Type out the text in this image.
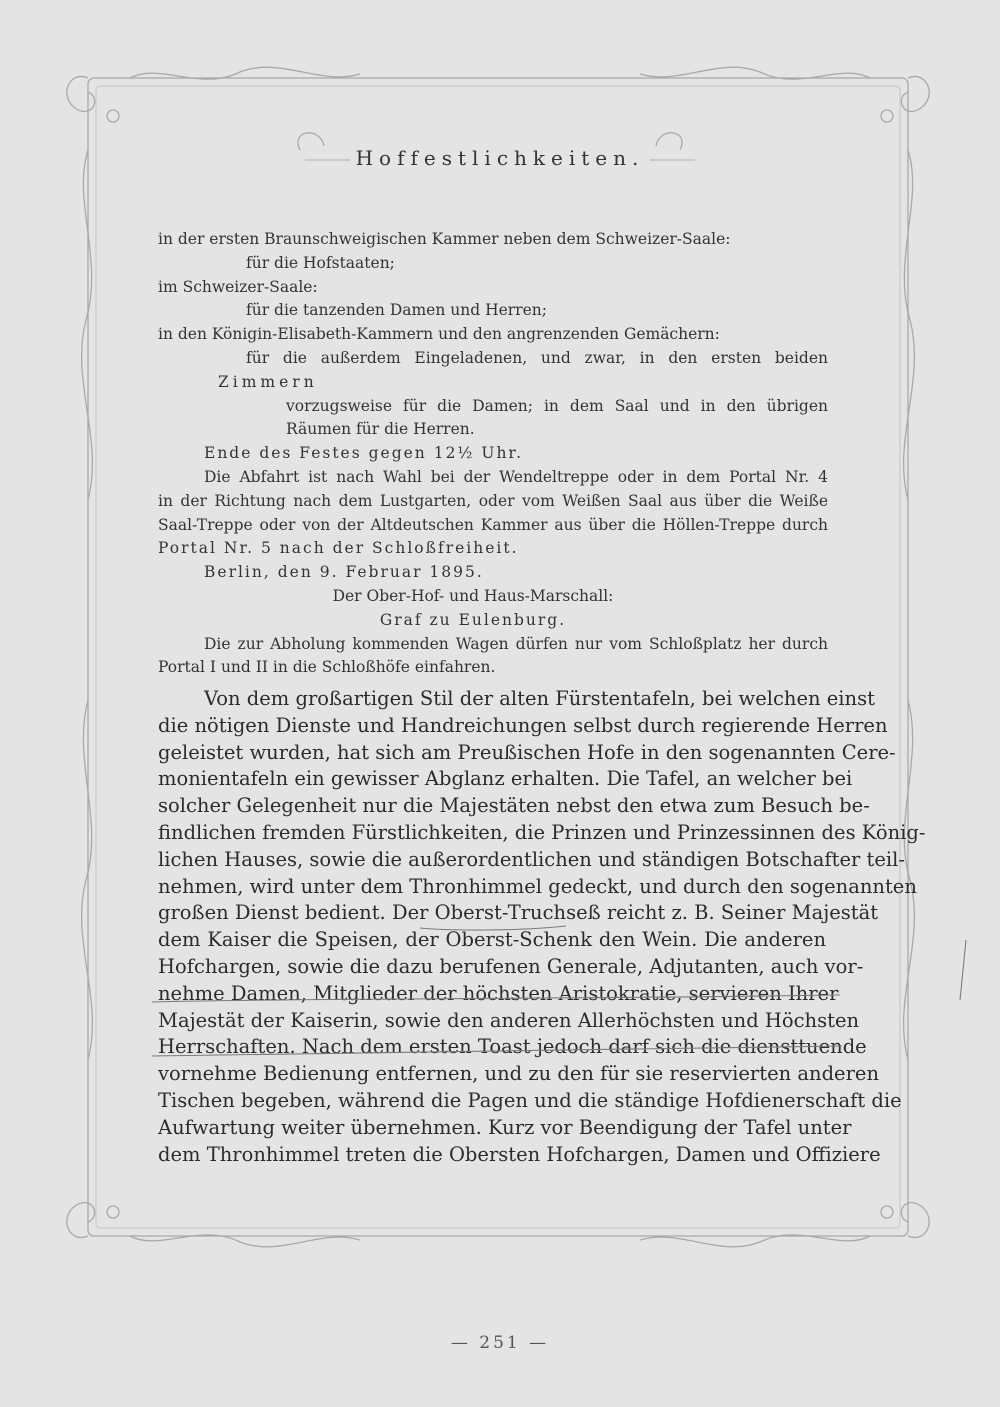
Hoffestlichkeiten.
in der ersten Braunschweigischen Kammer neben dem Schweizer-Saale:
für die Hofstaaten;
im Schweizer-Saale:
für die tanzenden Damen und Herren;
in den Königin-Elisabeth-Kammern und den angrenzenden Gemächern:
für die außerdem Eingeladenen, und zwar, in den ersten beiden
Zimmern
vorzugsweise für die Damen; in dem Saal und in den übrigen
Räumen für die Herren.
Ende des Festes gegen 12½ Uhr.
Die Abfahrt ist nach Wahl bei der Wendeltreppe oder in dem Portal Nr. 4
in der Richtung nach dem Lustgarten, oder vom Weißen Saal aus über die Weiße
Saal-Treppe oder von der Altdeutschen Kammer aus über die Höllen-Treppe durch
Portal Nr. 5 nach der Schloßfreiheit.
Berlin, den 9. Februar 1895.
Der Ober-Hof- und Haus-Marschall:
Graf zu Eulenburg.
Die zur Abholung kommenden Wagen dürfen nur vom Schloßplatz her durch
Portal I und II in die Schloßhöfe einfahren.
Von dem großartigen Stil der alten Fürstentafeln, bei welchen einst
die nötigen Dienste und Handreichungen selbst durch regierende Herren
geleistet wurden, hat sich am Preußischen Hofe in den sogenannten Cere-
monientafeln ein gewisser Abglanz erhalten. Die Tafel, an welcher bei
solcher Gelegenheit nur die Majestäten nebst den etwa zum Besuch be-
findlichen fremden Fürstlichkeiten, die Prinzen und Prinzessinnen des König-
lichen Hauses, sowie die außerordentlichen und ständigen Botschafter teil-
nehmen, wird unter dem Thronhimmel gedeckt, und durch den sogenannten
großen Dienst bedient. Der Oberst-Truchseß reicht z. B. Seiner Majestät
dem Kaiser die Speisen, der Oberst-Schenk den Wein. Die anderen
Hofchargen, sowie die dazu berufenen Generale, Adjutanten, auch vor-
nehme Damen, Mitglieder der höchsten Aristokratie, servieren Ihrer
Majestät der Kaiserin, sowie den anderen Allerhöchsten und Höchsten
Herrschaften. Nach dem ersten Toast jedoch darf sich die diensttuende
vornehme Bedienung entfernen, und zu den für sie reservierten anderen
Tischen begeben, während die Pagen und die ständige Hofdienerschaft die
Aufwartung weiter übernehmen. Kurz vor Beendigung der Tafel unter
dem Thronhimmel treten die Obersten Hofchargen, Damen und Offiziere
— 251 —
